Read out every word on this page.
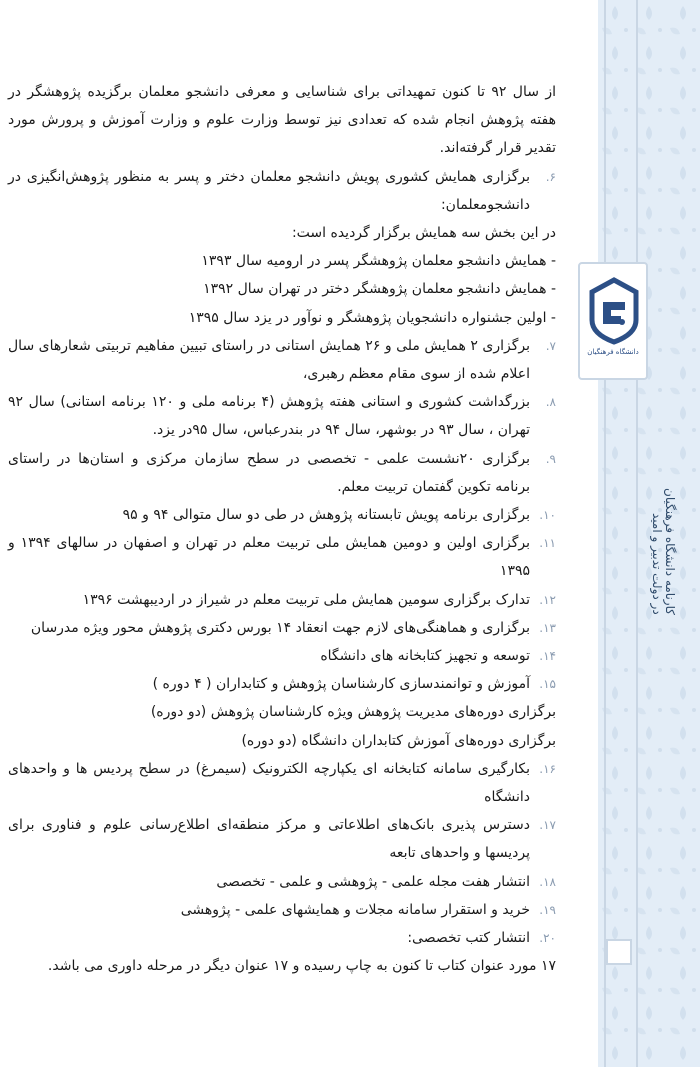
دانشگاه فرهنگیان
کارنامه دانشگاه فرهنگیان
در دولت تدبیر و امید

از سال ۹۲ تا کنون تمهیداتی برای شناسایی و معرفی دانشجو معلمان برگزیده پژوهشگر در هفته پژوهش انجام شده که تعدادی نیز توسط وزارت علوم و وزارت آموزش و پرورش مورد تقدیر قرار گرفته‌اند.

۶.
برگزاری همایش کشوری پویش دانشجو معلمان دختر و پسر به منظور پژوهش‌انگیزی در دانشجومعلمان:
در این بخش سه همایش برگزار گردیده است:
- همایش دانشجو معلمان پژوهشگر پسر در ارومیه سال ۱۳۹۳
- همایش دانشجو معلمان پژوهشگر دختر در تهران سال ۱۳۹۲
- اولین جشنواره دانشجویان پژوهشگر و نوآور در یزد سال ۱۳۹۵
۷.
برگزاری ۲ همایش ملی و ۲۶ همایش استانی در راستای تبیین مفاهیم تربیتی شعارهای سال اعلام شده از سوی مقام معظم رهبری،
۸.
بزرگداشت کشوری و استانی هفته پژوهش (۴ برنامه ملی و ۱۲۰ برنامه استانی) سال ۹۲ تهران ، سال ۹۳ در بوشهر، سال ۹۴ در بندرعباس، سال ۹۵در یزد.
۹.
برگزاری ۲۰نشست علمی - تخصصی در سطح سازمان مرکزی و استان‌ها در راستای برنامه تکوین گفتمان تربیت معلم.
۱۰.
برگزاری برنامه پویش تابستانه پژوهش در طی دو سال متوالی ۹۴ و ۹۵
۱۱.
برگزاری اولین و دومین همایش ملی تربیت معلم در تهران و اصفهان در سالهای ۱۳۹۴ و ۱۳۹۵
۱۲.
تدارک برگزاری سومین همایش ملی تربیت معلم در شیراز در اردیبهشت ۱۳۹۶
۱۳.
برگزاری و هماهنگی‌های لازم جهت انعقاد ۱۴ بورس دکتری پژوهش محور ویژه مدرسان
۱۴.
توسعه و تجهیز کتابخانه های دانشگاه
۱۵.
آموزش و توانمندسازی کارشناسان پژوهش و کتابداران ( ۴ دوره )
برگزاری دوره‌های مدیریت پژوهش ویژه کارشناسان پژوهش (دو دوره)
برگزاری دوره‌های آموزش کتابداران دانشگاه (دو دوره)
۱۶.
بکارگیری سامانه کتابخانه ای یکپارچه الکترونیک (سیمرغ) در سطح پردیس ها و واحدهای دانشگاه
۱۷.
دسترس پذیری بانک‌های اطلاعاتی و مرکز منطقه‌ای اطلاع‌رسانی علوم و فناوری برای پردیسها و واحدهای تابعه
۱۸.
انتشار هفت مجله علمی - پژوهشی و علمی - تخصصی
۱۹.
خرید و استقرار سامانه مجلات و همایشهای علمی - پژوهشی
۲۰.
انتشار کتب تخصصی:

۱۷ مورد عنوان کتاب تا کنون به چاپ رسیده و ۱۷ عنوان دیگر در مرحله داوری می باشد.
